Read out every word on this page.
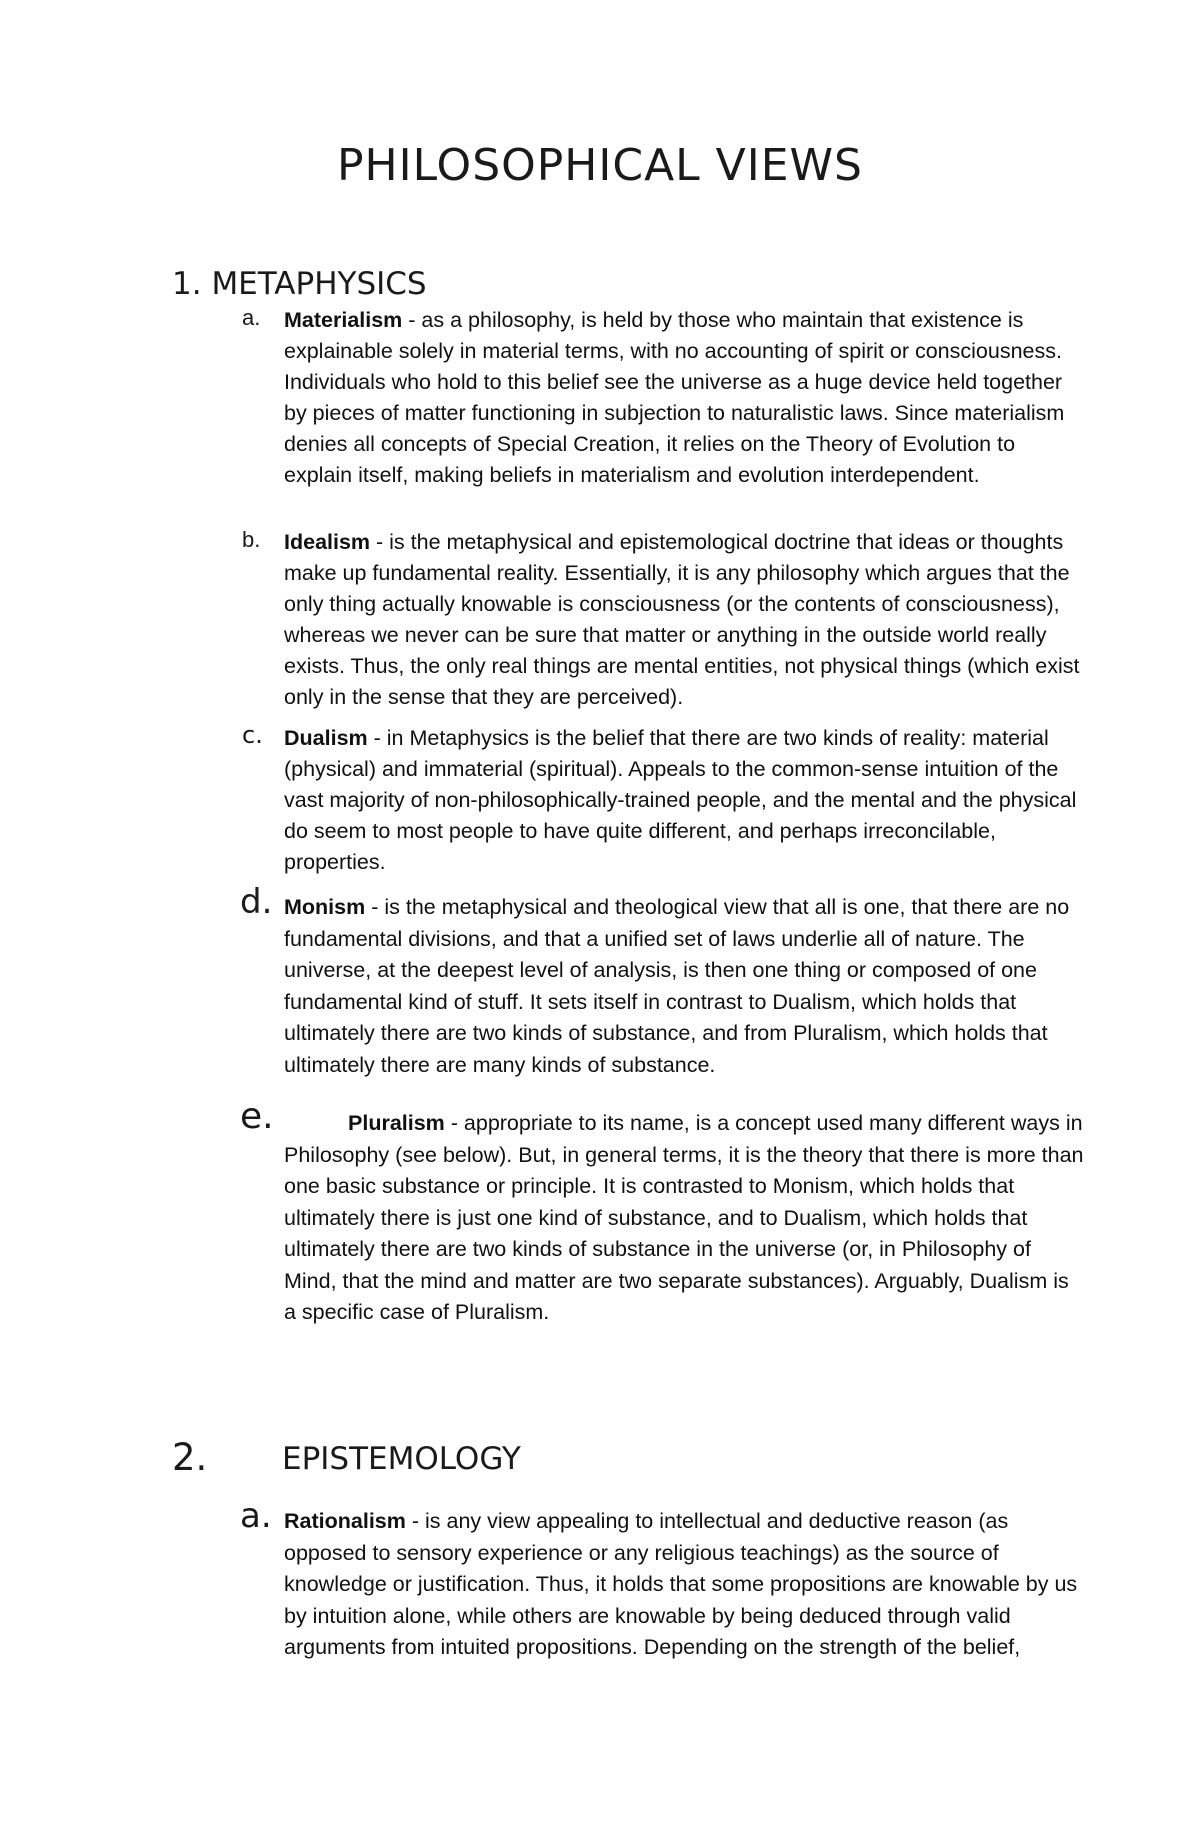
PHILOSOPHICAL VIEWS
1. METAPHYSICS
a. Materialism - as a philosophy, is held by those who maintain that existence is explainable solely in material terms, with no accounting of spirit or consciousness. Individuals who hold to this belief see the universe as a huge device held together by pieces of matter functioning in subjection to naturalistic laws. Since materialism denies all concepts of Special Creation, it relies on the Theory of Evolution to explain itself, making beliefs in materialism and evolution interdependent.
b. Idealism - is the metaphysical and epistemological doctrine that ideas or thoughts make up fundamental reality. Essentially, it is any philosophy which argues that the only thing actually knowable is consciousness (or the contents of consciousness), whereas we never can be sure that matter or anything in the outside world really exists. Thus, the only real things are mental entities, not physical things (which exist only in the sense that they are perceived).
c. Dualism - in Metaphysics is the belief that there are two kinds of reality: material (physical) and immaterial (spiritual). Appeals to the common-sense intuition of the vast majority of non-philosophically-trained people, and the mental and the physical do seem to most people to have quite different, and perhaps irreconcilable, properties.
d. Monism - is the metaphysical and theological view that all is one, that there are no fundamental divisions, and that a unified set of laws underlie all of nature. The universe, at the deepest level of analysis, is then one thing or composed of one fundamental kind of stuff. It sets itself in contrast to Dualism, which holds that ultimately there are two kinds of substance, and from Pluralism, which holds that ultimately there are many kinds of substance.
e.	Pluralism - appropriate to its name, is a concept used many different ways in Philosophy (see below). But, in general terms, it is the theory that there is more than one basic substance or principle. It is contrasted to Monism, which holds that ultimately there is just one kind of substance, and to Dualism, which holds that ultimately there are two kinds of substance in the universe (or, in Philosophy of Mind, that the mind and matter are two separate substances). Arguably, Dualism is a specific case of Pluralism.
2. EPISTEMOLOGY
a. Rationalism - is any view appealing to intellectual and deductive reason (as opposed to sensory experience or any religious teachings) as the source of knowledge or justification. Thus, it holds that some propositions are knowable by us by intuition alone, while others are knowable by being deduced through valid arguments from intuited propositions. Depending on the strength of the belief,
